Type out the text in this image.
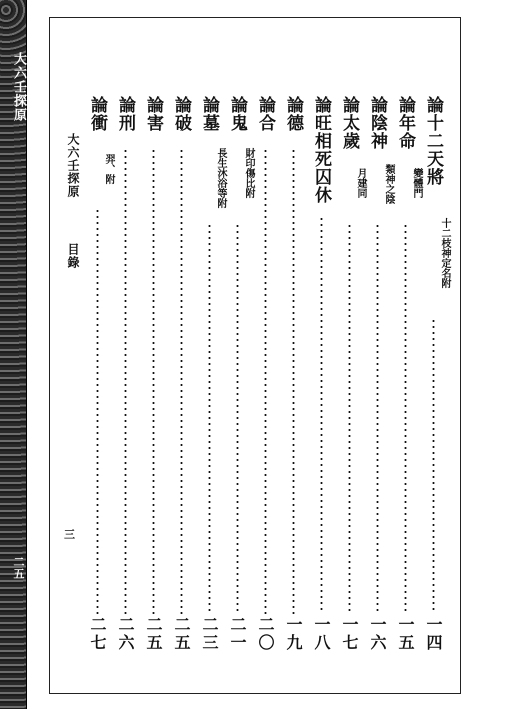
大六壬探原
二五
論十二天將
十二枝神定名附
一四
論年命
變體門
一五
論陰神
類神之陰
一六
論太歲
月建同
一七
論旺相死囚休
一八
論德
一九
論合
二〇
論鬼
財印傷比附
二一
論墓
長生沐浴等附
二三
論破
二五
論害
二五
論刑
二六
論衝
羿、附
二七
大六壬探原
目錄
三
